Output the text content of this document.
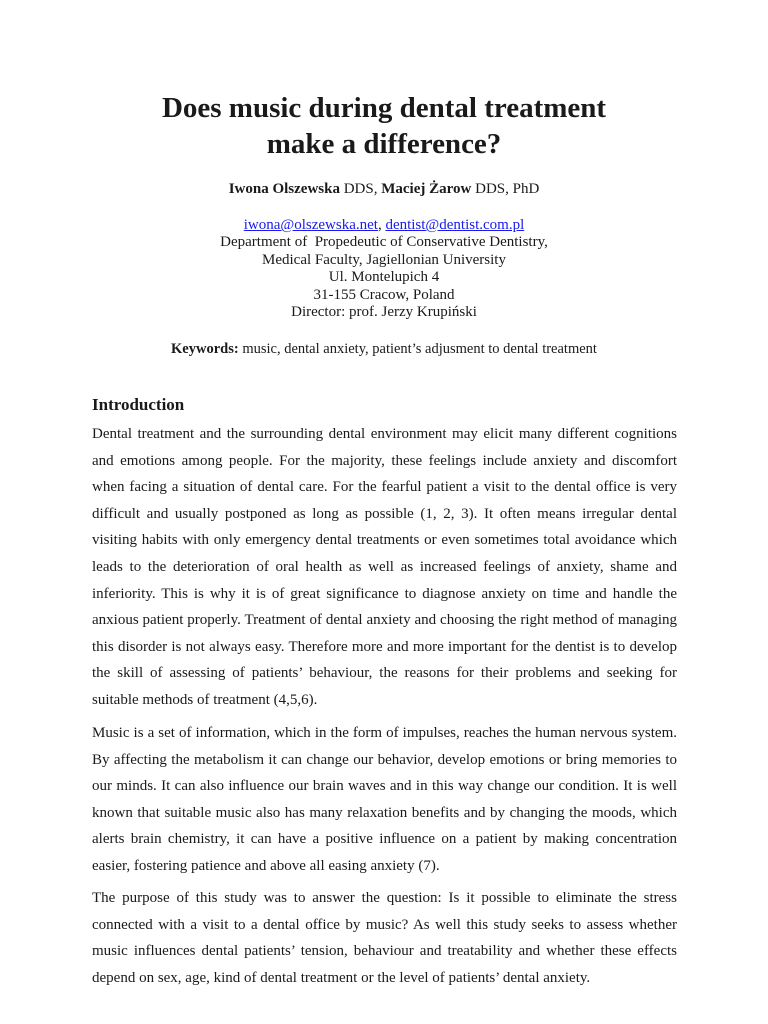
Does music during dental treatment
make a difference?
Iwona Olszewska DDS, Maciej Żarow DDS, PhD
iwona@olszewska.net, dentist@dentist.com.pl
Department of  Propedeutic of Conservative Dentistry,
Medical Faculty, Jagiellonian University
Ul. Montelupich 4
31-155 Cracow, Poland
Director: prof. Jerzy Krupiński
Keywords: music, dental anxiety, patient’s adjusment to dental treatment
Introduction

Dental treatment and the surrounding dental environment may elicit many different cognitions and emotions among people. For the majority, these feelings include anxiety and discomfort when facing a situation of dental care. For the fearful patient a visit to the dental office is very difficult and usually postponed as long as possible (1, 2, 3). It often means irregular dental visiting habits with only emergency dental treatments or even sometimes total avoidance which leads to the deterioration of oral health as well as increased feelings of anxiety, shame and inferiority. This is why it is of great significance to diagnose anxiety on time and handle the anxious patient properly. Treatment of dental anxiety and choosing the right method of managing this disorder is not always easy. Therefore more and more important for the dentist is to develop the skill of assessing of patients’ behaviour, the reasons for their problems and seeking for suitable methods of treatment (4,5,6).

Music is a set of information, which in the form of impulses, reaches the human nervous system. By affecting the metabolism it can change our behavior, develop emotions or bring memories to our minds. It can also influence our brain waves and in this way change our condition. It is well known that suitable music also has many relaxation benefits and by changing the moods, which alerts brain chemistry, it can have a positive influence on a patient by making concentration easier, fostering patience and above all easing anxiety (7).

The purpose of this study was to answer the question: Is it possible to eliminate the stress connected with a visit to a dental office by music? As well this study seeks to assess whether music influences dental patients’ tension, behaviour and treatability and whether these effects depend on sex, age, kind of dental treatment or the level of patients’ dental anxiety.
